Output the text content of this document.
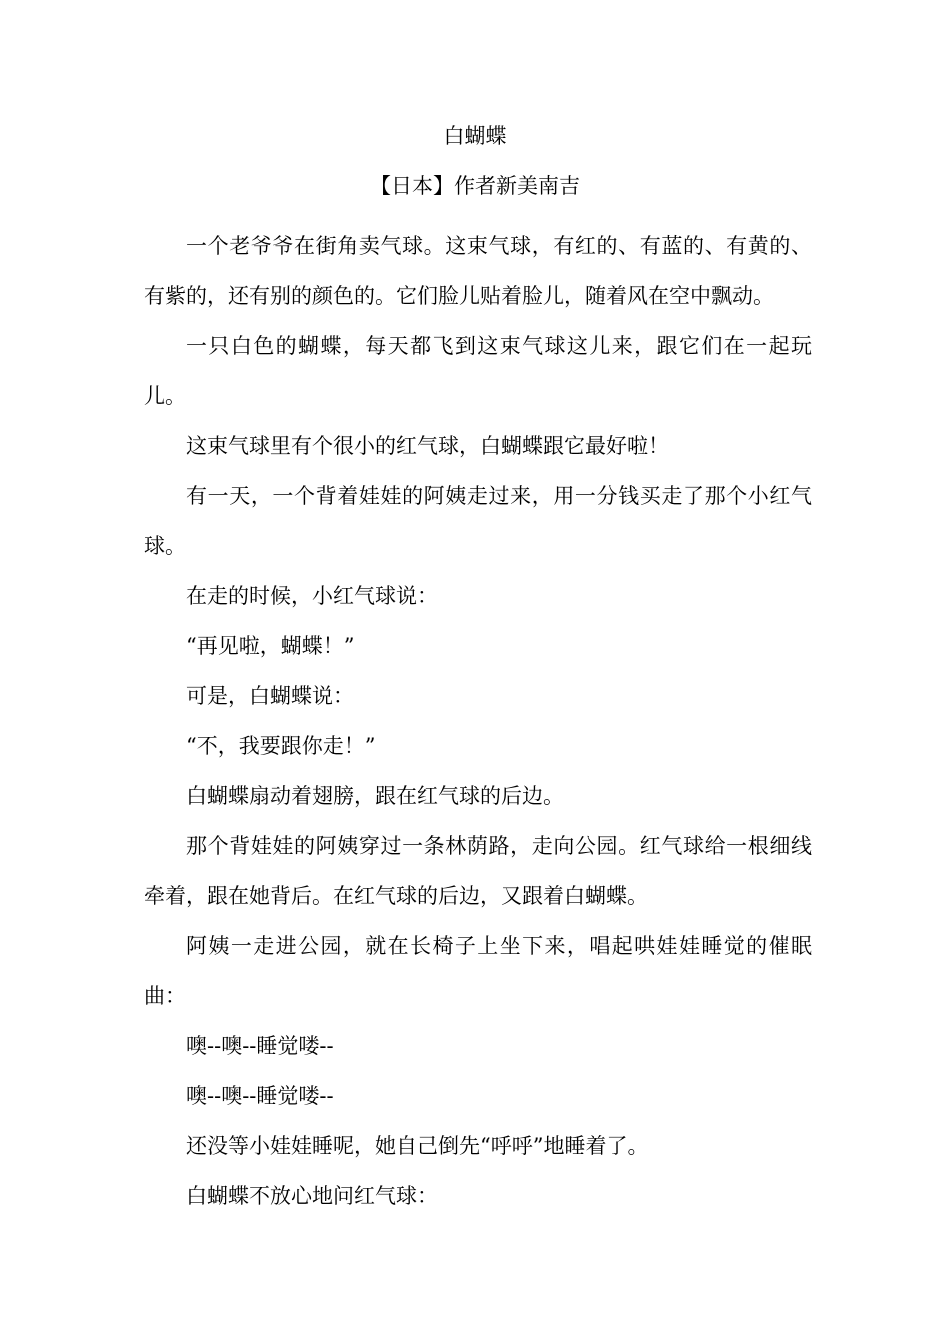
白蝴蝶
【日本】作者新美南吉

一个老爷爷在街角卖气球。这束气球，有红的、有蓝的、有黄的、有紫的，还有别的颜色的。它们脸儿贴着脸儿，随着风在空中飘动。

一只白色的蝴蝶，每天都飞到这束气球这儿来，跟它们在一起玩儿。

这束气球里有个很小的红气球，白蝴蝶跟它最好啦！

有一天，一个背着娃娃的阿姨走过来，用一分钱买走了那个小红气球。

在走的时候，小红气球说：

“再见啦，蝴蝶！”

可是，白蝴蝶说：

“不，我要跟你走！”

白蝴蝶扇动着翅膀，跟在红气球的后边。

那个背娃娃的阿姨穿过一条林荫路，走向公园。红气球给一根细线牵着，跟在她背后。在红气球的后边，又跟着白蝴蝶。

阿姨一走进公园，就在长椅子上坐下来，唱起哄娃娃睡觉的催眠曲：

噢--噢--睡觉喽--

噢--噢--睡觉喽--

还没等小娃娃睡呢，她自己倒先“呼呼”地睡着了。

白蝴蝶不放心地问红气球：
